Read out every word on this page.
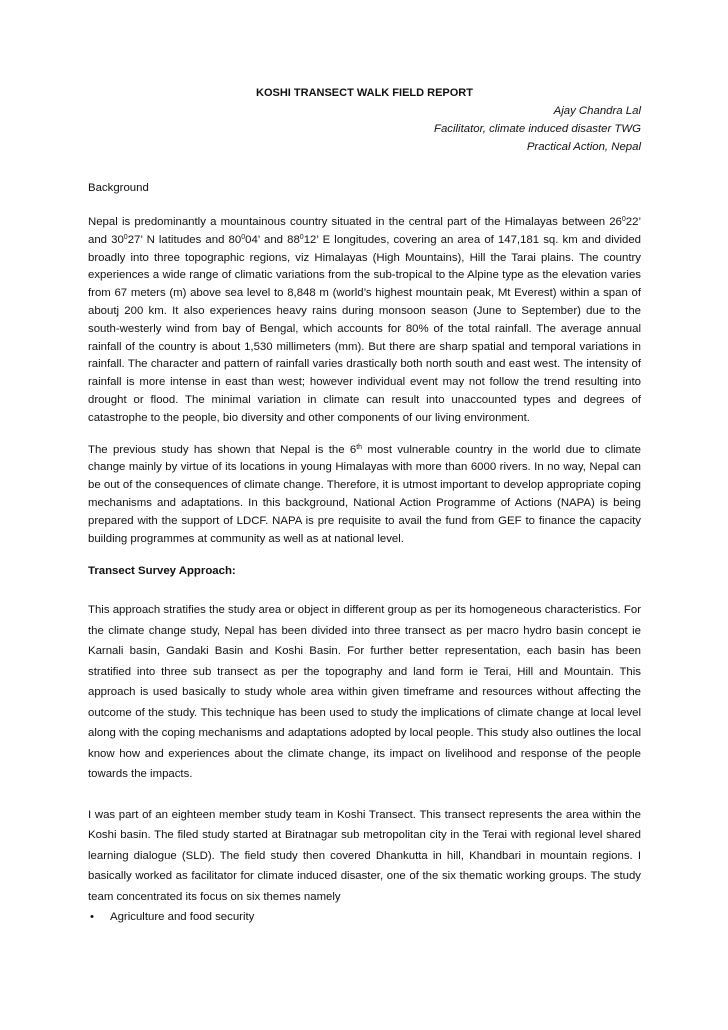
KOSHI TRANSECT WALK FIELD REPORT
Ajay Chandra Lal
Facilitator, climate induced disaster TWG
Practical Action, Nepal
Background

Nepal is predominantly a mountainous country situated in the central part of the Himalayas between $26^022$’ and $30^027$’ N latitudes and $80^004$’ and $88^012$’ E longitudes, covering an area of 147,181 sq. km and divided broadly into three topographic regions, viz Himalayas (High Mountains), Hill the Tarai plains. The country experiences a wide range of climatic variations from the sub-tropical to the Alpine type as the elevation varies from 67 meters (m) above sea level to 8,848 m (world’s highest mountain peak, Mt Everest) within a span of aboutj 200 km. It also experiences heavy rains during monsoon season (June to September) due to the south-westerly wind from bay of Bengal, which accounts for 80% of the total rainfall. The average annual rainfall of the country is about 1,530 millimeters (mm). But there are sharp spatial and temporal variations in rainfall. The character and pattern of rainfall varies drastically both north south and east west. The intensity of rainfall is more intense in east than west; however individual event may not follow the trend resulting into drought or flood. The minimal variation in climate can result into unaccounted types and degrees of catastrophe to the people, bio diversity and other components of our living environment.

The previous study has shown that Nepal is the 6th most vulnerable country in the world due to climate change mainly by virtue of its locations in young Himalayas with more than 6000 rivers. In no way, Nepal can be out of the consequences of climate change. Therefore, it is utmost important to develop appropriate coping mechanisms and adaptations. In this background, National Action Programme of Actions (NAPA) is being prepared with the support of LDCF. NAPA is pre requisite to avail the fund from GEF to finance the capacity building programmes at community as well as at national level.

Transect Survey Approach:

This approach stratifies the study area or object in different group as per its homogeneous characteristics. For the climate change study, Nepal has been divided into three transect as per macro hydro basin concept ie Karnali basin, Gandaki Basin and Koshi Basin. For further better representation, each basin has been stratified into three sub transect as per the topography and land form ie Terai, Hill and Mountain. This approach is used basically to study whole area within given timeframe and resources without affecting the outcome of the study. This technique has been used to study the implications of climate change at local level along with the coping mechanisms and adaptations adopted by local people. This study also outlines the local know how and experiences about the climate change, its impact on livelihood and response of the people towards the impacts.

I was part of an eighteen member study team in Koshi Transect. This transect represents the area within the Koshi basin. The filed study started at Biratnagar sub metropolitan city in the Terai with regional level shared learning dialogue (SLD). The field study then covered Dhankutta in hill, Khandbari in mountain regions. I basically worked as facilitator for climate induced disaster, one of the six thematic working groups. The study team concentrated its focus on six themes namely

• Agriculture and food security
